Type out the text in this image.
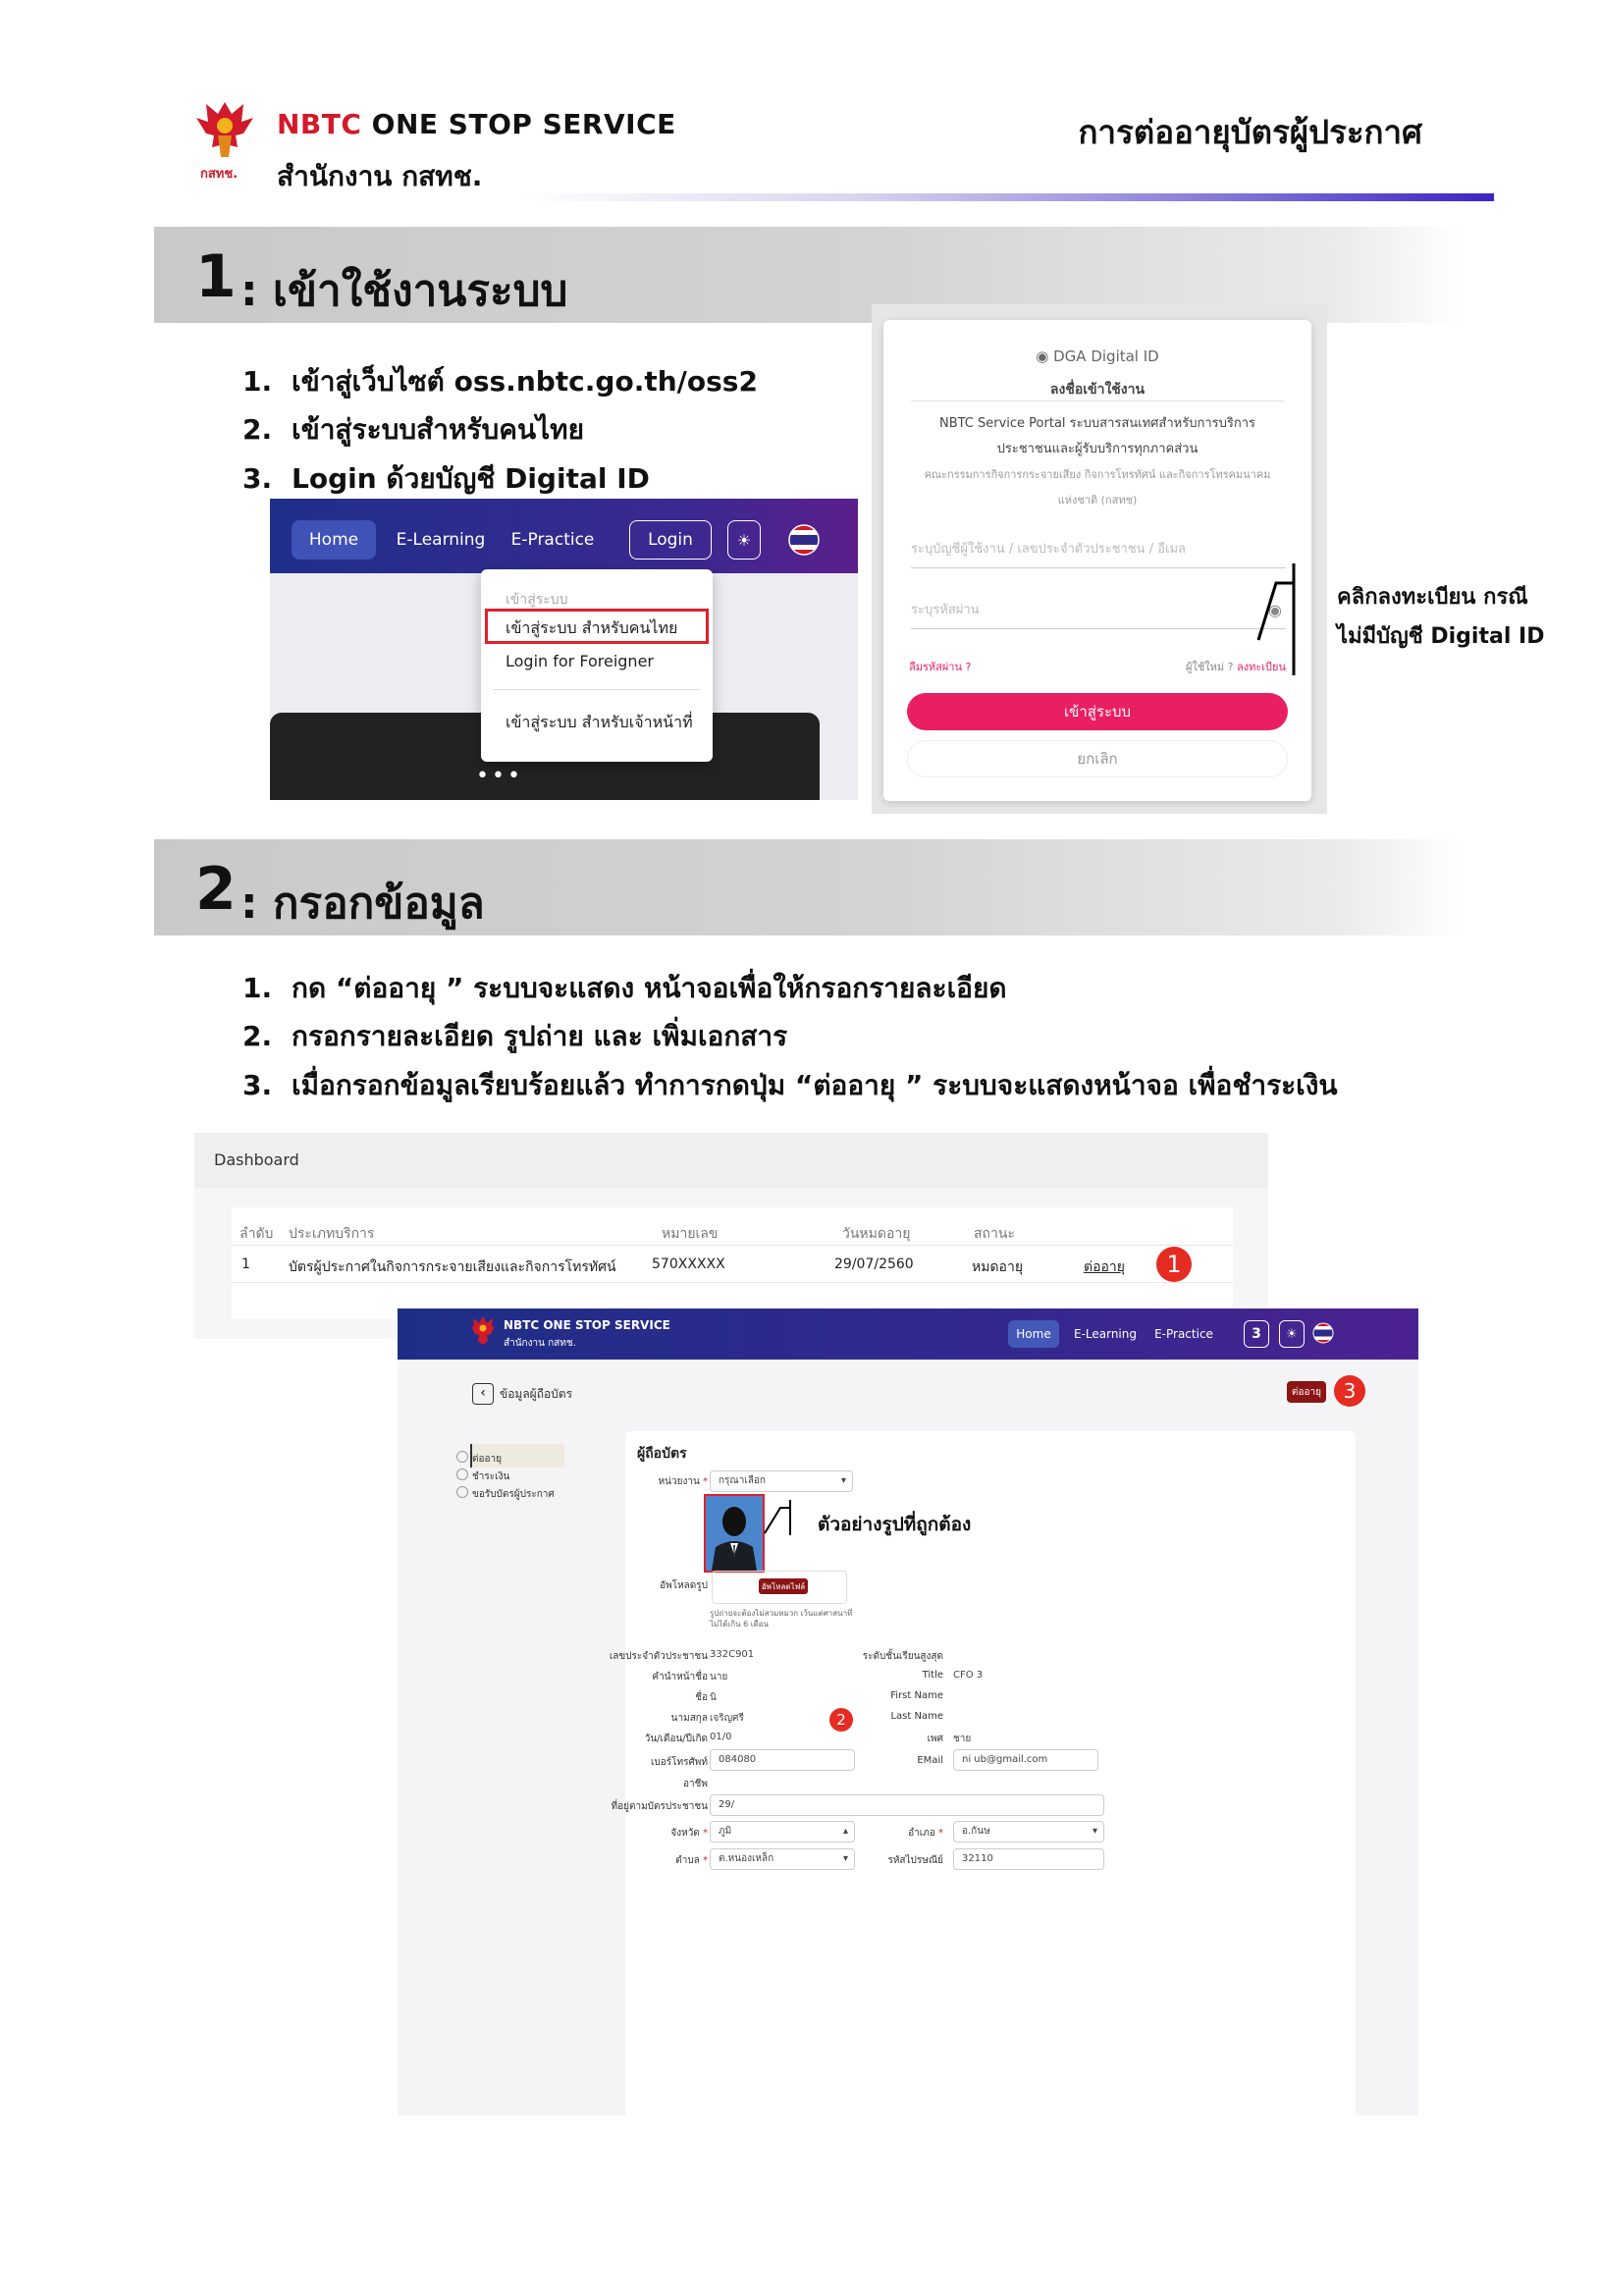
กสทช.
NBTC ONE STOP SERVICE
สำนักงาน กสทช.
การต่ออายุบัตรผู้ประกาศ
1 : เข้าใช้งานระบบ
1. เข้าสู่เว็บไซต์ oss.nbtc.go.th/oss2
2. เข้าสู่ระบบสำหรับคนไทย
3. Login ด้วยบัญชี Digital ID
Home	E-Learning	E-Practice	Login	☀
•••
เข้าสู่ระบบ
เข้าสู่ระบบ สำหรับคนไทย
Login for Foreigner
เข้าสู่ระบบ สำหรับเจ้าหน้าที่
◉ DGA Digital ID
ลงชื่อเข้าใช้งาน
NBTC Service Portal ระบบสารสนเทศสำหรับการบริการ
ประชาชนและผู้รับบริการทุกภาคส่วน
คณะกรรมการกิจการกระจายเสียง กิจการโทรทัศน์ และกิจการโทรคมนาคม
แห่งชาติ (กสทช)
ระบุบัญชีผู้ใช้งาน / เลขประจำตัวประชาชน / อีเมล
ระบุรหัสผ่าน	◉
ลืมรหัสผ่าน ?	ผู้ใช้ใหม่ ? ลงทะเบียน
เข้าสู่ระบบ
ยกเลิก
คลิกลงทะเบียน กรณี
ไม่มีบัญชี Digital ID
2 : กรอกข้อมูล
1. กด “ต่ออายุ ” ระบบจะแสดง หน้าจอเพื่อให้กรอกรายละเอียด
2. กรอกรายละเอียด รูปถ่าย และ เพิ่มเอกสาร
3. เมื่อกรอกข้อมูลเรียบร้อยแล้ว ทำการกดปุ่ม “ต่ออายุ ” ระบบจะแสดงหน้าจอ เพื่อชำระเงิน
Dashboard
ลำดับ ประเภทบริการ	หมายเลข	วันหมดอายุ	สถานะ
1	บัตรผู้ประกาศในกิจการกระจายเสียงและกิจการโทรทัศน์	570XXXXX	29/07/2560	หมดอายุ	ต่ออายุ	1
NBTC ONE STOP SERVICE
สำนักงาน กสทช.
Home	E-Learning	E-Practice	3	☀
‹	ข้อมูลผู้ถือบัตร	ต่ออายุ	3
ต่ออายุ
ชำระเงิน
ขอรับบัตรผู้ประกาศ
ผู้ถือบัตร
หน่วยงาน *	กรุณาเลือก	▾
ตัวอย่างรูปที่ถูกต้อง
อัพโหลดรูป	อัพโหลดไฟล์
รูปถ่ายจะต้องไม่สวมหมวก เว้นแต่ศาสนาที่ไม่ได้เกิน 6 เดือน
เลขประจำตัวประชาชน 332C901
คำนำหน้าชื่อ นาย
ชื่อ นิ
นามสกุล เจริญศรี
วัน/เดือน/ปีเกิด 01/0
เบอร์โทรศัพท์	084080
อาชีพ
ที่อยู่ตามบัตรประชาชน	29/
จังหวัด *	ภูมิ	▴
ตำบล *	ต.หนองเหล็ก	▾
2
ระดับชั้นเรียนสูงสุด
Title CFO 3
First Name
Last Name
เพศ ชาย
EMail	ni ub@gmail.com
อำเภอ *	อ.กันษ	▾
รหัสไปรษณีย์	32110
